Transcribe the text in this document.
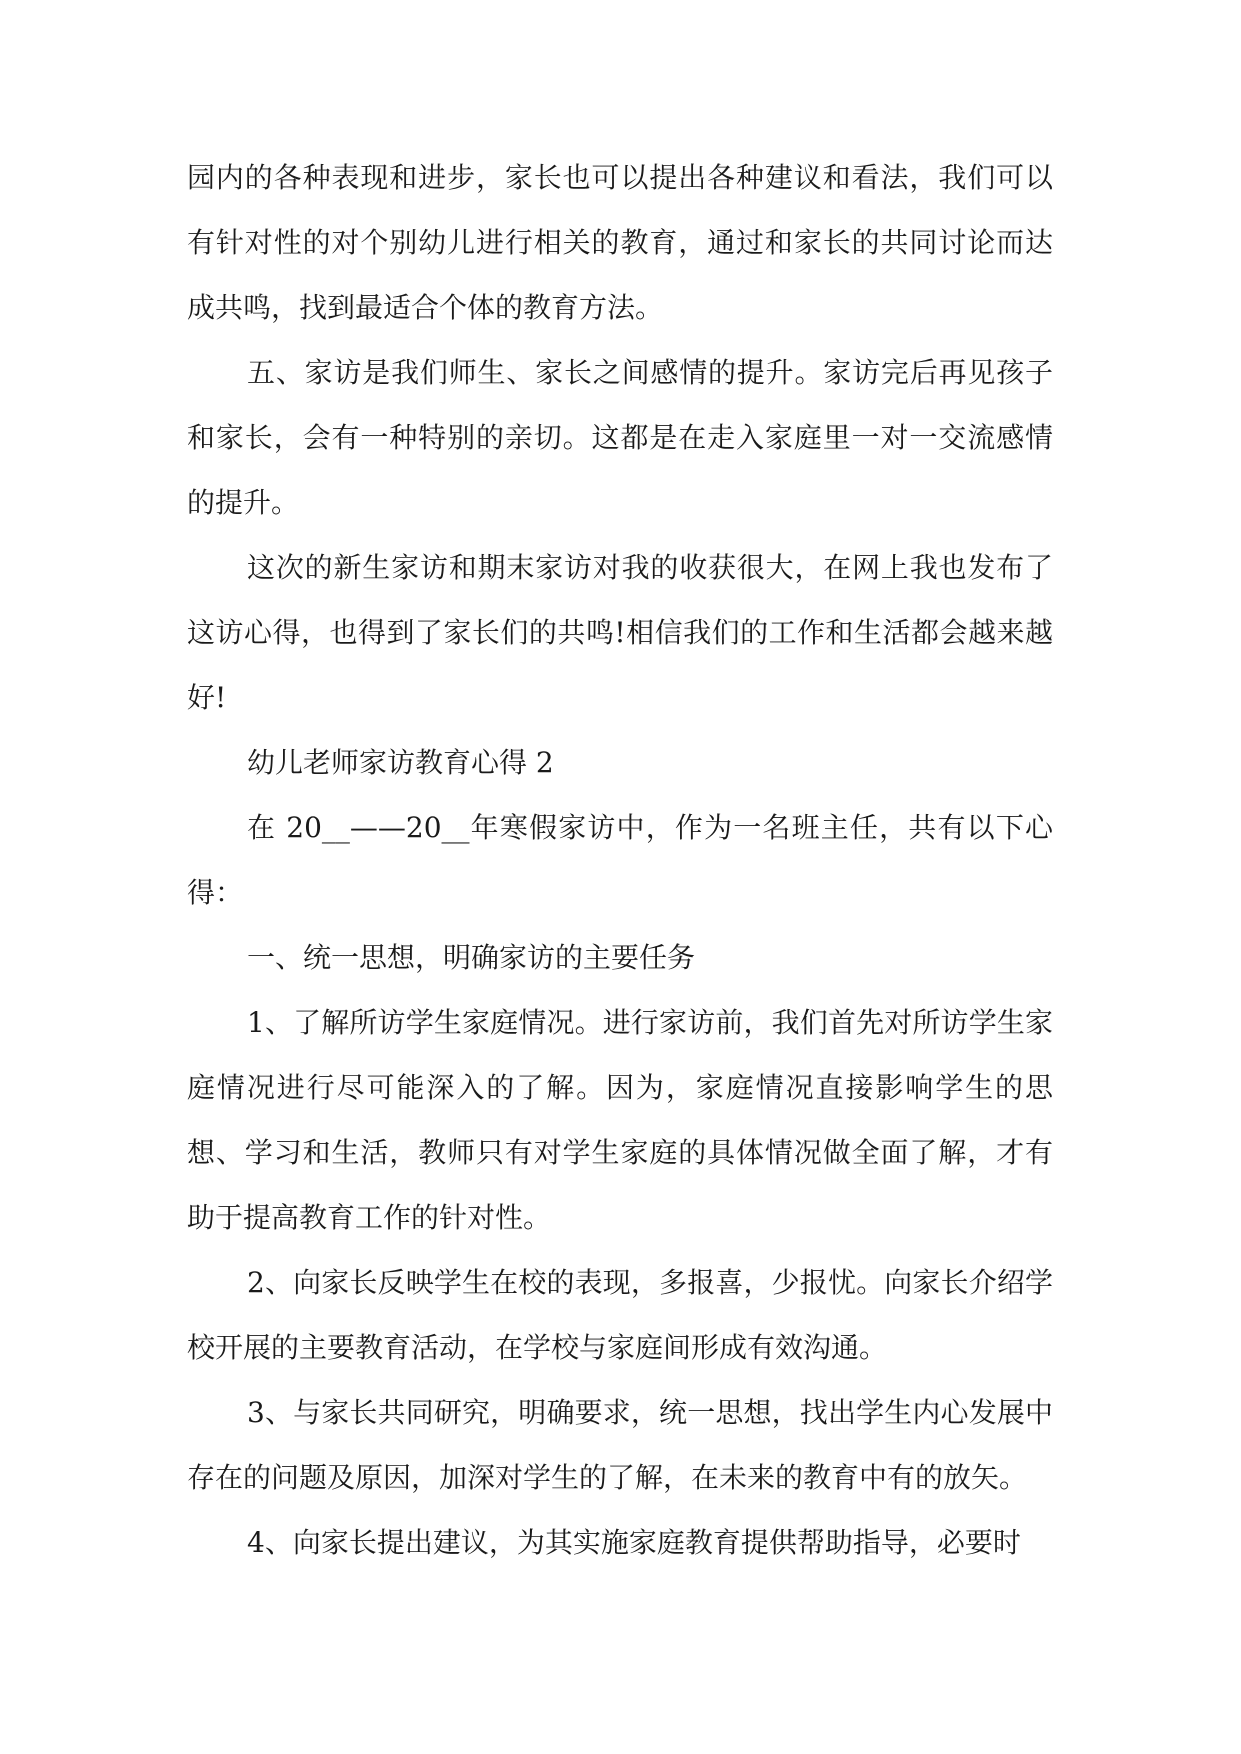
园内的各种表现和进步，家长也可以提出各种建议和看法，我们可以有针对性的对个别幼儿进行相关的教育，通过和家长的共同讨论而达成共鸣，找到最适合个体的教育方法。

五、家访是我们师生、家长之间感情的提升。家访完后再见孩子和家长，会有一种特别的亲切。这都是在走入家庭里一对一交流感情的提升。

这次的新生家访和期末家访对我的收获很大，在网上我也发布了这访心得，也得到了家长们的共鸣!相信我们的工作和生活都会越来越好!

幼儿老师家访教育心得 2

在 20__——20__年寒假家访中，作为一名班主任，共有以下心得：

一、统一思想，明确家访的主要任务

1、了解所访学生家庭情况。进行家访前，我们首先对所访学生家庭情况进行尽可能深入的了解。因为，家庭情况直接影响学生的思想、学习和生活，教师只有对学生家庭的具体情况做全面了解，才有助于提高教育工作的针对性。

2、向家长反映学生在校的表现，多报喜，少报忧。向家长介绍学校开展的主要教育活动，在学校与家庭间形成有效沟通。

3、与家长共同研究，明确要求，统一思想，找出学生内心发展中存在的问题及原因，加深对学生的了解，在未来的教育中有的放矢。

4、向家长提出建议，为其实施家庭教育提供帮助指导，必要时
